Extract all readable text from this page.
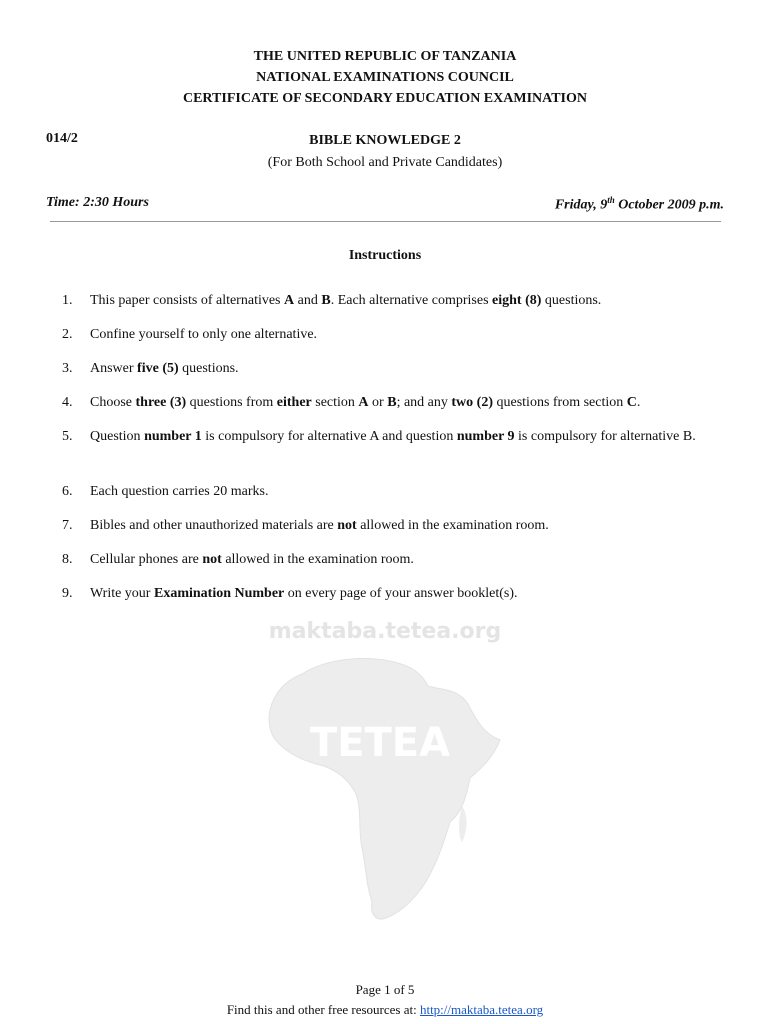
THE UNITED REPUBLIC OF TANZANIA
NATIONAL EXAMINATIONS COUNCIL
CERTIFICATE OF SECONDARY EDUCATION EXAMINATION
014/2	BIBLE KNOWLEDGE 2
(For Both School and Private Candidates)
Time: 2:30 Hours	Friday, 9th October 2009 p.m.
Instructions
1.	This paper consists of alternatives A and B. Each alternative comprises eight (8) questions.
2.	Confine yourself to only one alternative.
3.	Answer five (5) questions.
4.	Choose three (3) questions from either section A or B; and any two (2) questions from section C.
5.	Question number 1 is compulsory for alternative A and question number 9 is compulsory for alternative B.
6.	Each question carries 20 marks.
7.	Bibles and other unauthorized materials are not allowed in the examination room.
8.	Cellular phones are not allowed in the examination room.
9.	Write your Examination Number on every page of your answer booklet(s).
maktaba.tetea.org
TETEA
Page 1 of 5
Find this and other free resources at: http://maktaba.tetea.org
